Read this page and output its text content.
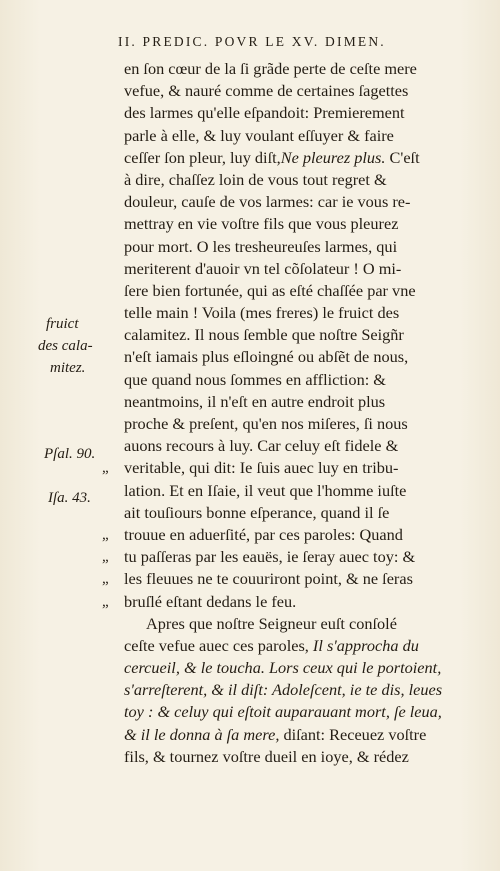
II. PREDIC. POVR LE XV. DIMEN.
fruict
des cala-
mitez.
Pſal. 90.
Iſa. 43.
en ſon cœur de la ſi grãde perte de ceſte mere
vefue, & nauré comme de certaines ſagettes
des larmes qu'elle eſpandoit: Premierement
parle à elle, & luy voulant eſſuyer & faire
ceſſer ſon pleur, luy diſt,Ne pleurez plus. C'eſt
à dire, chaſſez loin de vous tout regret &
douleur, cauſe de vos larmes: car ie vous re-
mettray en vie voſtre fils que vous pleurez
pour mort. O les tresheureuſes larmes, qui
meriterent d'auoir vn tel cõſolateur ! O mi-
ſere bien fortunée, qui as eſté chaſſée par vne
telle main ! Voila (mes freres) le fruict des
calamitez. Il nous ſemble que noſtre Seigñr
n'eſt iamais plus eſloingné ou abſẽt de nous,
que quand nous ſommes en affliction: &
neantmoins, il n'eſt en autre endroit plus
proche & preſent, qu'en nos miſeres, ſi nous
auons recours à luy. Car celuy eſt fidele &
„ veritable, qui dit: Ie ſuis auec luy en tribu-
lation. Et en Iſaie, il veut que l'homme iuſte
ait touſiours bonne eſperance, quand il ſe
„ trouue en aduerſité, par ces paroles: Quand
„ tu paſſeras par les eauës, ie ſeray auec toy: &
„ les fleuues ne te couuriront point, & ne ſeras
„ bruſlé eſtant dedans le feu.
Apres que noſtre Seigneur euſt conſolé
ceſte vefue auec ces paroles, Il s'approcha du
cercueil, & le toucha. Lors ceux qui le portoient,
s'arreſterent, & il diſt: Adoleſcent, ie te dis, leues
toy : & celuy qui eſtoit auparauant mort, ſe leua,
& il le donna à ſa mere, diſant: Receuez voſtre
fils, & tournez voſtre dueil en ioye, & rédez
